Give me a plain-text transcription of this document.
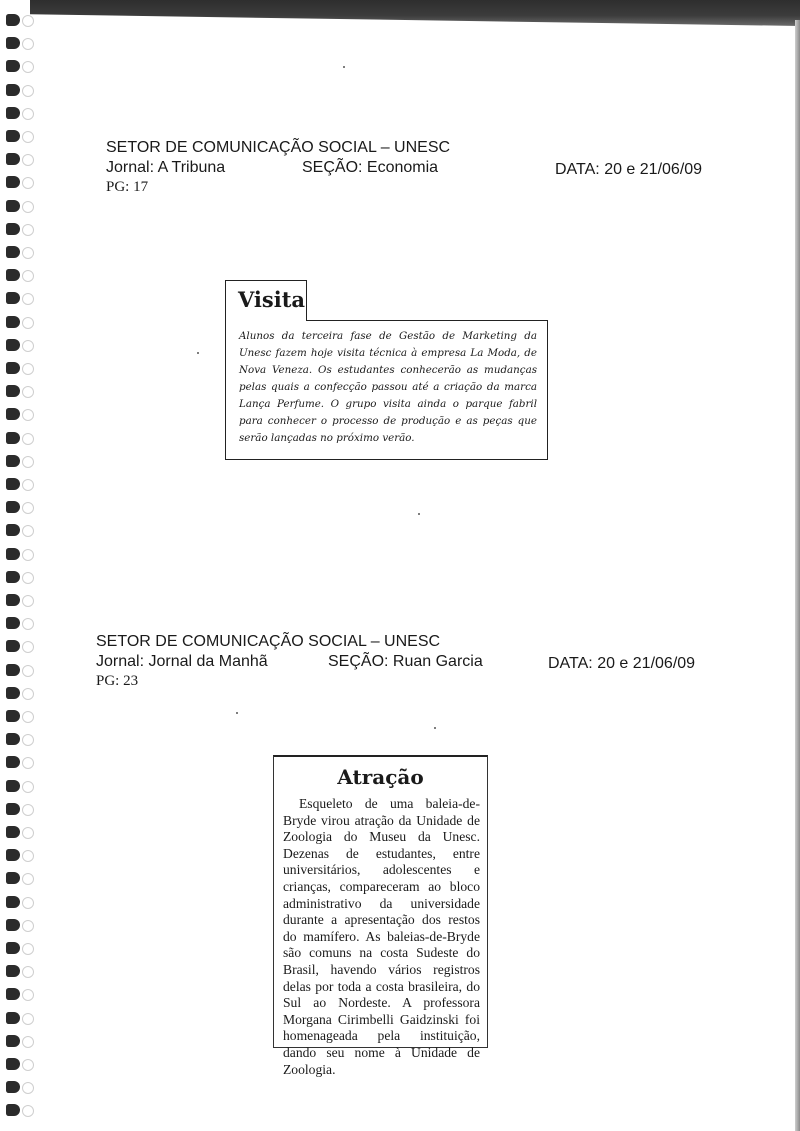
SETOR DE COMUNICAÇÃO SOCIAL – UNESC
Jornal: A Tribuna	SEÇÃO: Economia	DATA: 20 e 21/06/09
PG: 17
Visita
Alunos da terceira fase de Gestão de Marketing da Unesc fazem hoje visita técnica à empresa La Moda, de Nova Veneza. Os estudantes conhecerão as mudanças pelas quais a confecção passou até a criação da marca Lança Perfume. O grupo visita ainda o parque fabril para conhecer o processo de produção e as peças que serão lançadas no próximo verão.
SETOR DE COMUNICAÇÃO SOCIAL – UNESC
Jornal: Jornal da Manhã	SEÇÃO: Ruan Garcia	DATA: 20 e 21/06/09
PG: 23
Atração
Esqueleto de uma baleia-de-Bryde virou atração da Unidade de Zoologia do Museu da Unesc. Dezenas de estudantes, entre universitários, adolescentes e crianças, compareceram ao bloco administrativo da universidade durante a apresentação dos restos do mamífero. As baleias-de-Bryde são comuns na costa Sudeste do Brasil, havendo vários registros delas por toda a costa brasileira, do Sul ao Nordeste. A professora Morgana Cirimbelli Gaidzinski foi homenageada pela instituição, dando seu nome à Unidade de Zoologia.
